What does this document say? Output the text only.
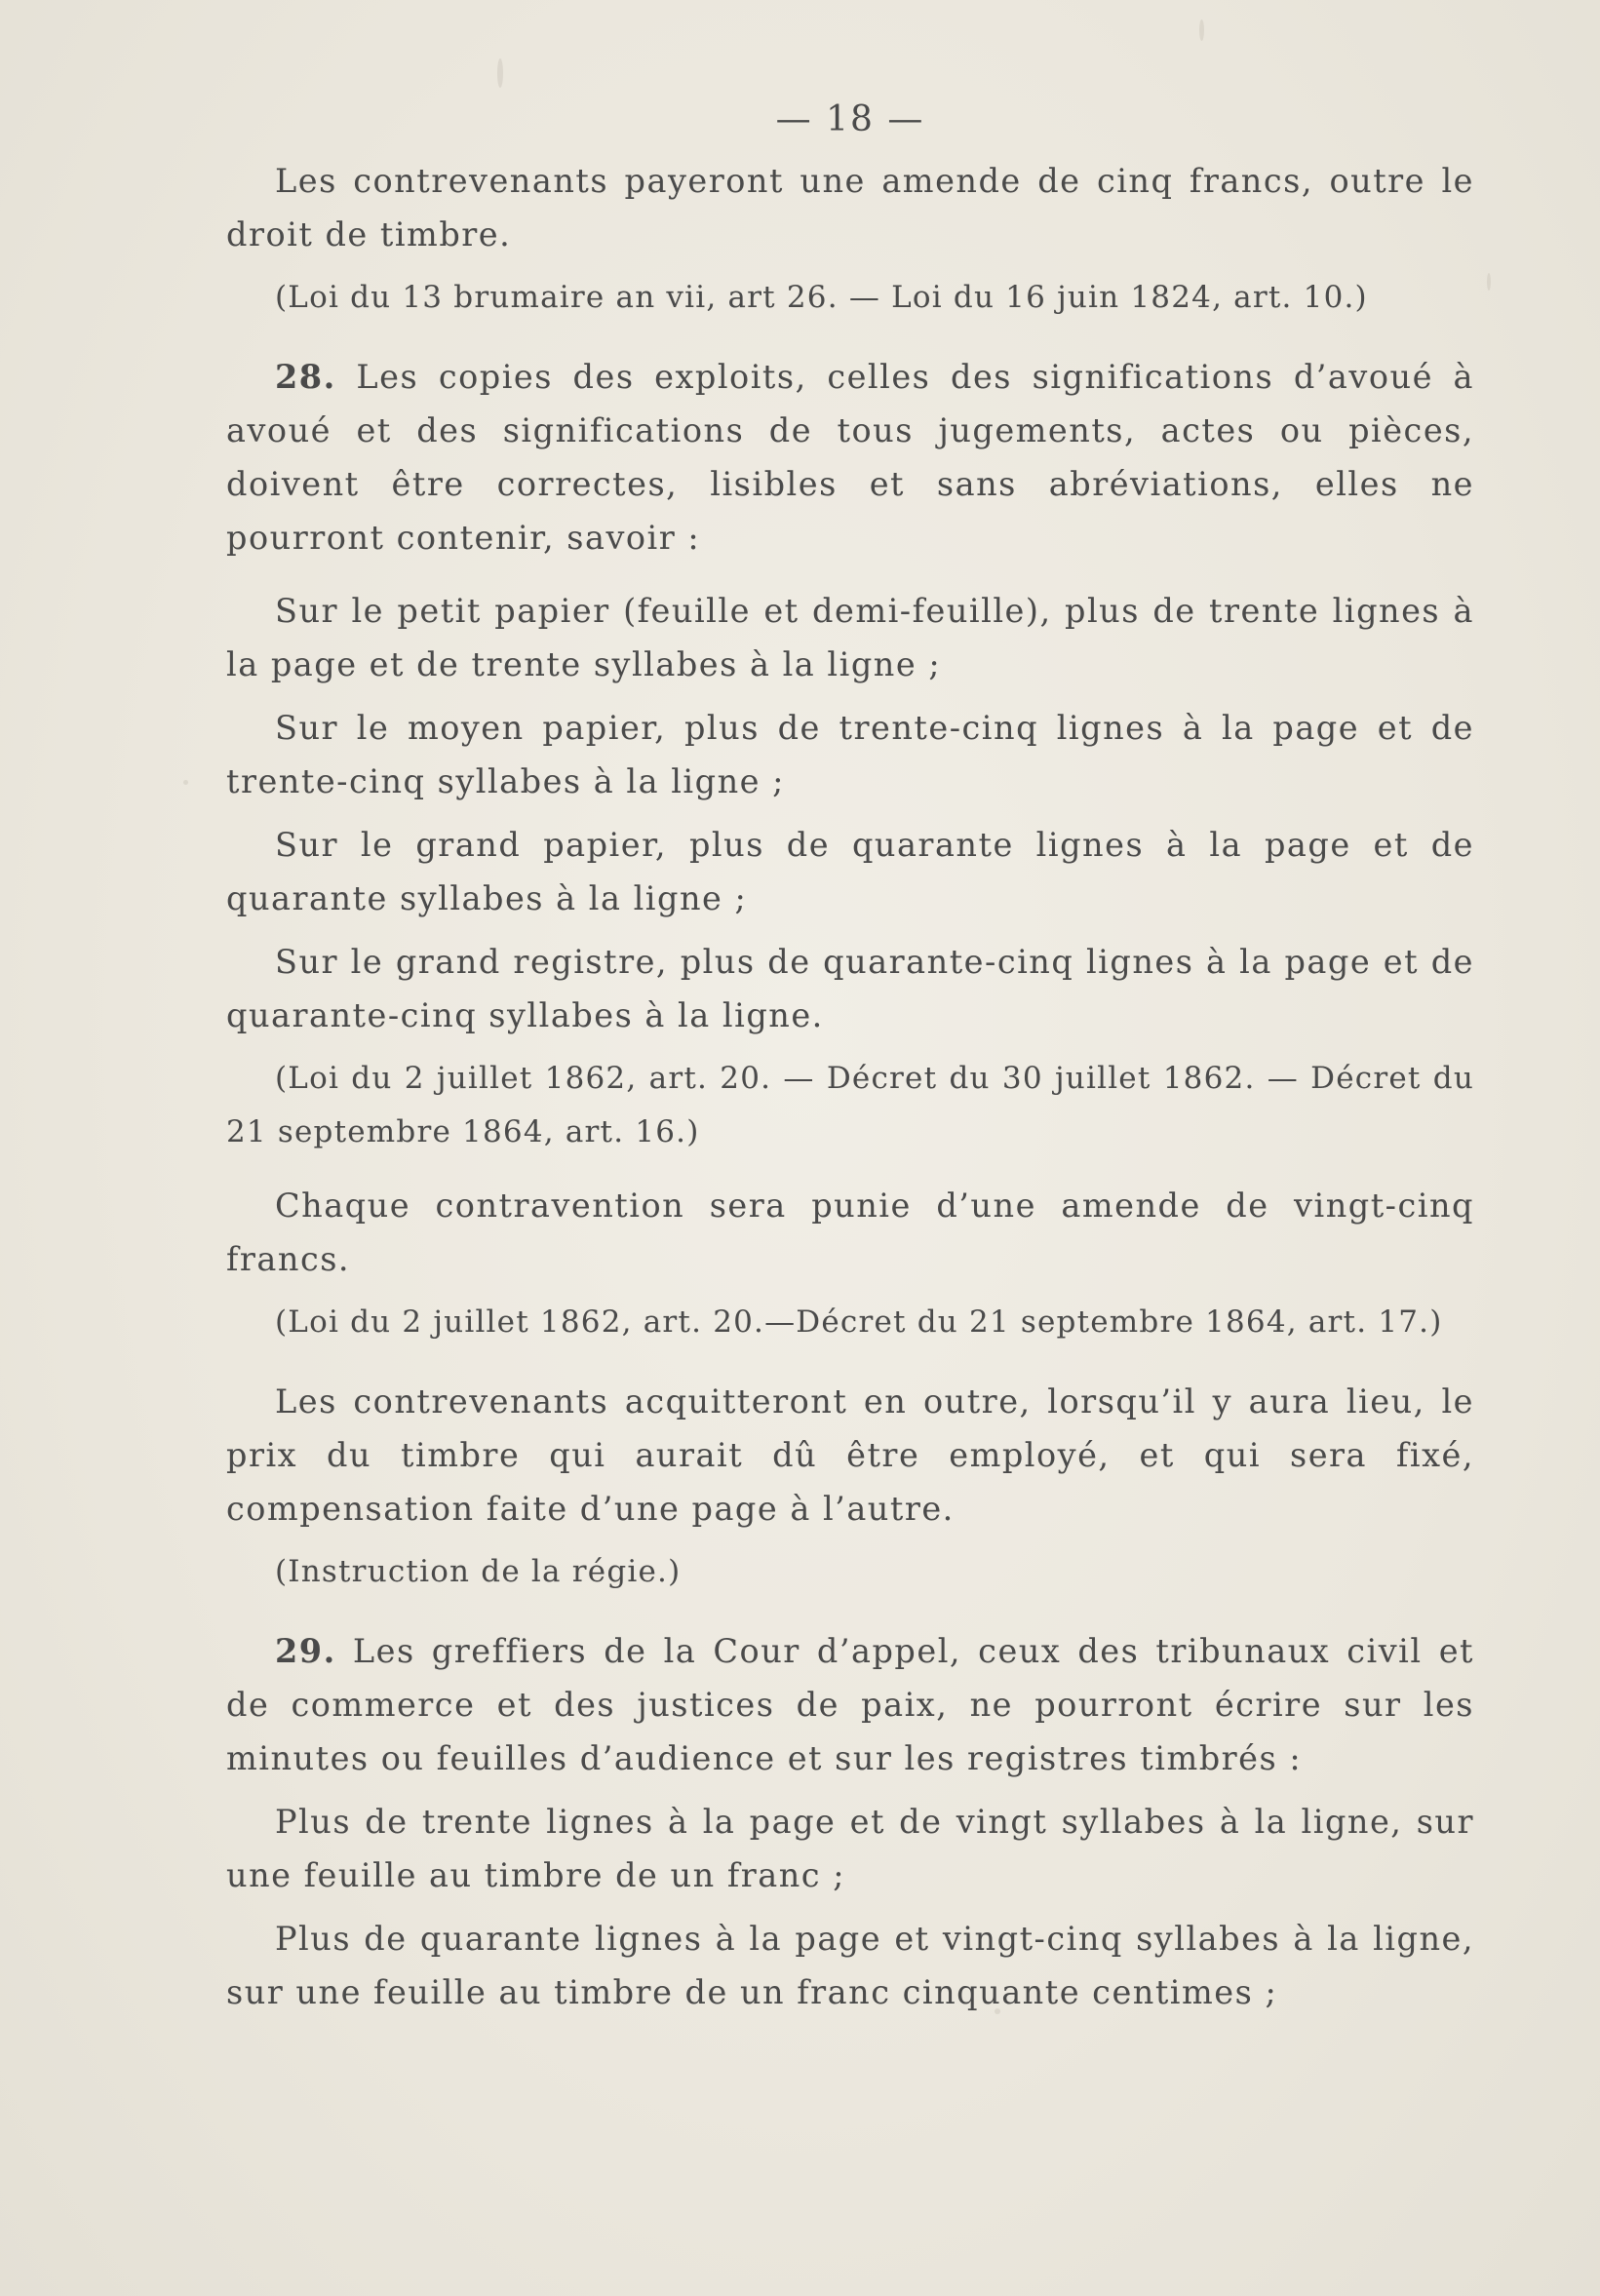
— 18 —

Les contrevenants payeront une amende de cinq francs, outre le droit de timbre.

(Loi du 13 brumaire an vii, art 26. — Loi du 16 juin 1824, art. 10.)

28. Les copies des exploits, celles des significations d’avoué à avoué et des significations de tous jugements, actes ou pièces, doivent être correctes, lisibles et sans abréviations, elles ne pourront contenir, savoir :

Sur le petit papier (feuille et demi-feuille), plus de trente lignes à la page et de trente syllabes à la ligne ;

Sur le moyen papier, plus de trente-cinq lignes à la page et de trente-cinq syllabes à la ligne ;

Sur le grand papier, plus de quarante lignes à la page et de quarante syllabes à la ligne ;

Sur le grand registre, plus de quarante-cinq lignes à la page et de quarante-cinq syllabes à la ligne.

(Loi du 2 juillet 1862, art. 20. — Décret du 30 juillet 1862. — Décret du 21 septembre 1864, art. 16.)

Chaque contravention sera punie d’une amende de vingt-cinq francs.

(Loi du 2 juillet 1862, art. 20.—Décret du 21 septembre 1864, art. 17.)

Les contrevenants acquitteront en outre, lorsqu’il y aura lieu, le prix du timbre qui aurait dû être employé, et qui sera fixé, compensation faite d’une page à l’autre.

(Instruction de la régie.)

29. Les greffiers de la Cour d’appel, ceux des tribunaux civil et de commerce et des justices de paix, ne pourront écrire sur les minutes ou feuilles d’audience et sur les registres timbrés :

Plus de trente lignes à la page et de vingt syllabes à la ligne, sur une feuille au timbre de un franc ;

Plus de quarante lignes à la page et vingt-cinq syllabes à la ligne, sur une feuille au timbre de un franc cinquante centimes ;
